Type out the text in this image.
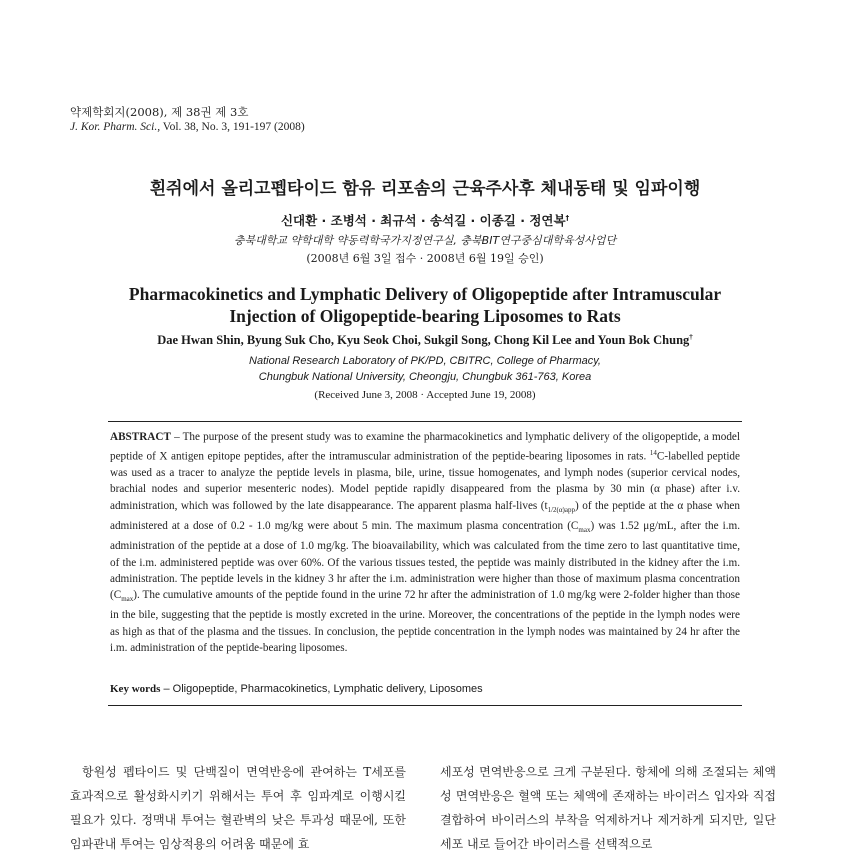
약제학회지(2008), 제 38권 제 3호
J. Kor. Pharm. Sci., Vol. 38, No. 3, 191-197 (2008)
흰쥐에서 올리고펩타이드 함유 리포솜의 근육주사후 체내동태 및 임파이행
신대환 · 조병석 · 최규석 · 송석길 · 이종길 · 정연복†
충북대학교 약학대학 약동력학국가지정연구실, 충북BIT연구중심대학육성사업단
(2008년 6월 3일 접수 · 2008년 6월 19일 승인)
Pharmacokinetics and Lymphatic Delivery of Oligopeptide after Intramuscular
Injection of Oligopeptide-bearing Liposomes to Rats
Dae Hwan Shin, Byung Suk Cho, Kyu Seok Choi, Sukgil Song, Chong Kil Lee and Youn Bok Chung†
National Research Laboratory of PK/PD, CBITRC, College of Pharmacy,
Chungbuk National University, Cheongju, Chungbuk 361-763, Korea
(Received June 3, 2008 · Accepted June 19, 2008)
ABSTRACT – The purpose of the present study was to examine the pharmacokinetics and lymphatic delivery of the oligopeptide, a model peptide of X antigen epitope peptides, after the intramuscular administration of the peptide-bearing liposomes in rats. $^{14}$C-labelled peptide was used as a tracer to analyze the peptide levels in plasma, bile, urine, tissue homogenates, and lymph nodes (superior cervical nodes, brachial nodes and superior mesenteric nodes). Model peptide rapidly disappeared from the plasma by 30 min (α phase) after i.v. administration, which was followed by the late disappearance. The apparent plasma half-lives $(t_{1/2(\alpha)app})$ of the peptide at the α phase when administered at a dose of 0.2 - 1.0 mg/kg were about 5 min. The maximum plasma concentration $(C_{max})$ was 1.52 μg/mL, after the i.m. administration of the peptide at a dose of 1.0 mg/kg. The bioavailability, which was calculated from the time zero to last quantitative time, of the i.m. administered peptide was over 60%. Of the various tissues tested, the peptide was mainly distributed in the kidney after the i.m. administration. The peptide levels in the kidney 3 hr after the i.m. administration were higher than those of maximum plasma concentration $(C_{max})$. The cumulative amounts of the peptide found in the urine 72 hr after the administration of 1.0 mg/kg were 2-folder higher than those in the bile, suggesting that the peptide is mostly excreted in the urine. Moreover, the concentrations of the peptide in the lymph nodes were as high as that of the plasma and the tissues. In conclusion, the peptide concentration in the lymph nodes was maintained by 24 hr after the i.m. administration of the peptide-bearing liposomes.
Key words – Oligopeptide, Pharmacokinetics, Lymphatic delivery, Liposomes
항원성 펩타이드 및 단백질이 면역반응에 관여하는 T세포를 효과적으로 활성화시키기 위해서는 투여 후 임파계로 이행시킬 필요가 있다. 정맥내 투여는 혈관벽의 낮은 투과성 때문에, 또한 임파관내 투여는 임상적용의 어려움 때문에 효
세포성 면역반응으로 크게 구분된다. 항체에 의해 조절되는 체액성 면역반응은 혈액 또는 체액에 존재하는 바이러스 입자와 직접 결합하여 바이러스의 부착을 억제하거나 제거하게 되지만, 일단 세포 내로 들어간 바이러스를 선택적으로
